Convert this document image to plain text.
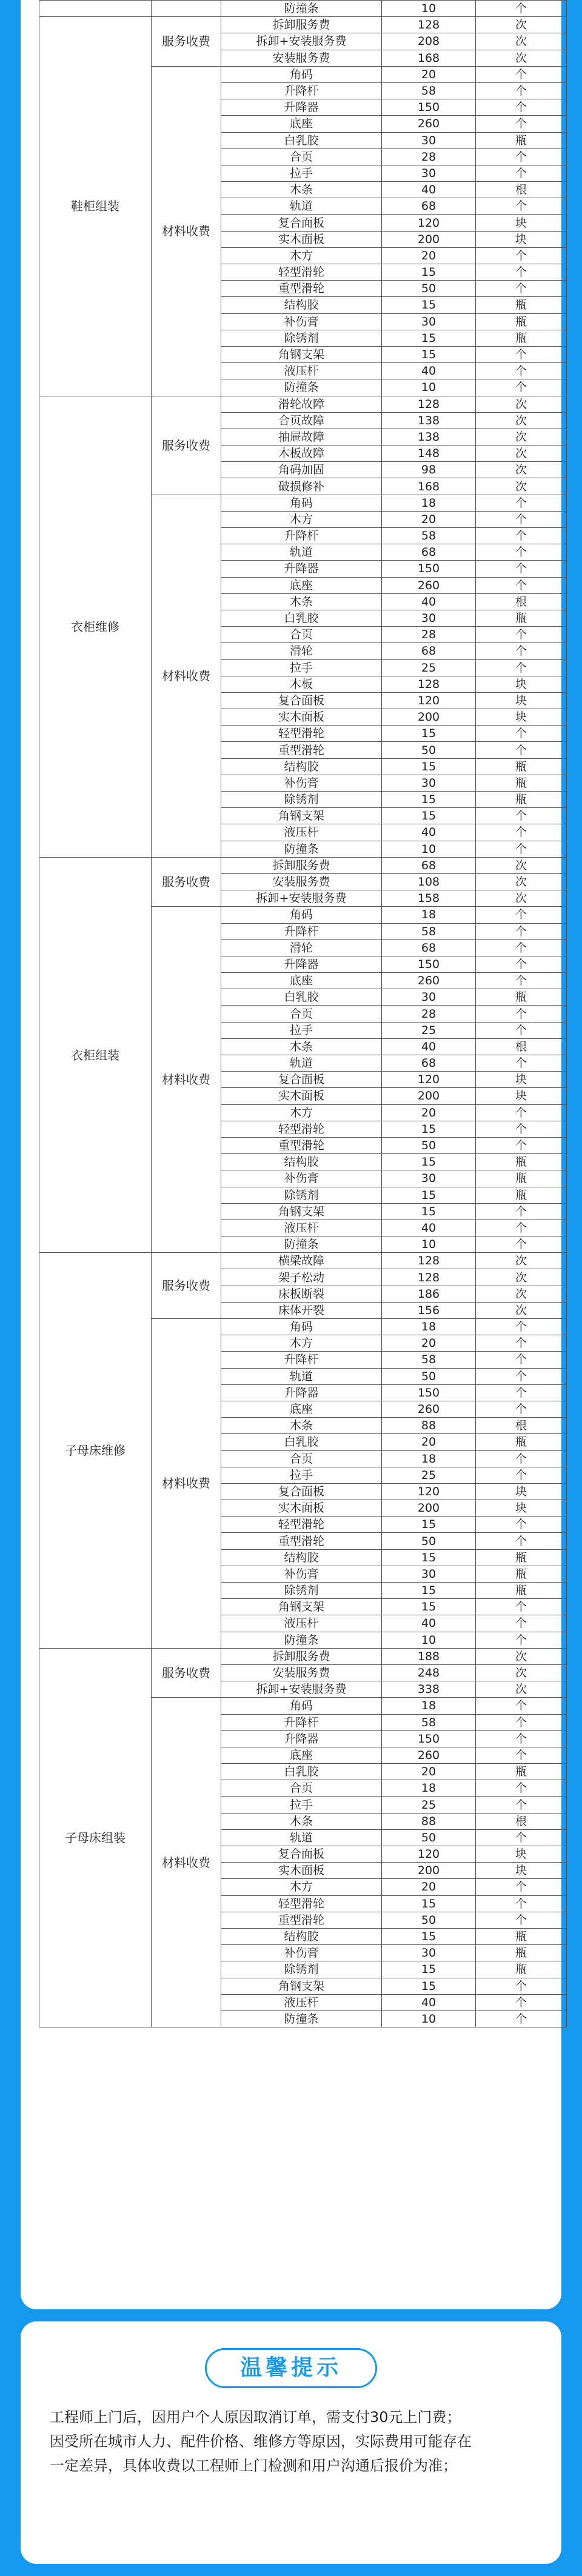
		防撞条	10	个
鞋柜组装	服务收费	拆卸服务费	128	次
		拆卸+安装服务费	208	次
		安装服务费	168	次
	材料收费	角码	20	个
		升降杆	58	个
		升降器	150	个
		底座	260	个
		白乳胶	30	瓶
		合页	28	个
		拉手	30	个
		木条	40	根
		轨道	68	个
		复合面板	120	块
		实木面板	200	块
		木方	20	个
		轻型滑轮	15	个
		重型滑轮	50	个
		结构胶	15	瓶
		补伤膏	30	瓶
		除锈剂	15	瓶
		角钢支架	15	个
		液压杆	40	个
		防撞条	10	个
衣柜维修	服务收费	滑轮故障	128	次
		合页故障	138	次
		抽屉故障	138	次
		木板故障	148	次
		角码加固	98	次
		破损修补	168	次
	材料收费	角码	18	个
		木方	20	个
		升降杆	58	个
		轨道	68	个
		升降器	150	个
		底座	260	个
		木条	40	根
		白乳胶	30	瓶
		合页	28	个
		滑轮	68	个
		拉手	25	个
		木板	128	块
		复合面板	120	块
		实木面板	200	块
		轻型滑轮	15	个
		重型滑轮	50	个
		结构胶	15	瓶
		补伤膏	30	瓶
		除锈剂	15	瓶
		角钢支架	15	个
		液压杆	40	个
		防撞条	10	个
衣柜组装	服务收费	拆卸服务费	68	次
		安装服务费	108	次
		拆卸+安装服务费	158	次
	材料收费	角码	18	个
		升降杆	58	个
		滑轮	68	个
		升降器	150	个
		底座	260	个
		白乳胶	30	瓶
		合页	28	个
		拉手	25	个
		木条	40	根
		轨道	68	个
		复合面板	120	块
		实木面板	200	块
		木方	20	个
		轻型滑轮	15	个
		重型滑轮	50	个
		结构胶	15	瓶
		补伤膏	30	瓶
		除锈剂	15	瓶
		角钢支架	15	个
		液压杆	40	个
		防撞条	10	个
子母床维修	服务收费	横梁故障	128	次
		架子松动	128	次
		床板断裂	186	次
		床体开裂	156	次
	材料收费	角码	18	个
		木方	20	个
		升降杆	58	个
		轨道	50	个
		升降器	150	个
		底座	260	个
		木条	88	根
		白乳胶	20	瓶
		合页	18	个
		拉手	25	个
		复合面板	120	块
		实木面板	200	块
		轻型滑轮	15	个
		重型滑轮	50	个
		结构胶	15	瓶
		补伤膏	30	瓶
		除锈剂	15	瓶
		角钢支架	15	个
		液压杆	40	个
		防撞条	10	个
子母床组装	服务收费	拆卸服务费	188	次
		安装服务费	248	次
		拆卸+安装服务费	338	次
	材料收费	角码	18	个
		升降杆	58	个
		升降器	150	个
		底座	260	个
		白乳胶	20	瓶
		合页	18	个
		拉手	25	个
		木条	88	根
		轨道	50	个
		复合面板	120	块
		实木面板	200	块
		木方	20	个
		轻型滑轮	15	个
		重型滑轮	50	个
		结构胶	15	瓶
		补伤膏	30	瓶
		除锈剂	15	瓶
		角钢支架	15	个
		液压杆	40	个
		防撞条	10	个
温馨提示
工程师上门后，因用户个人原因取消订单，需支付30元上门费；
因受所在城市人力、配件价格、维修方等原因，实际费用可能存在
一定差异，具体收费以工程师上门检测和用户沟通后报价为准；
